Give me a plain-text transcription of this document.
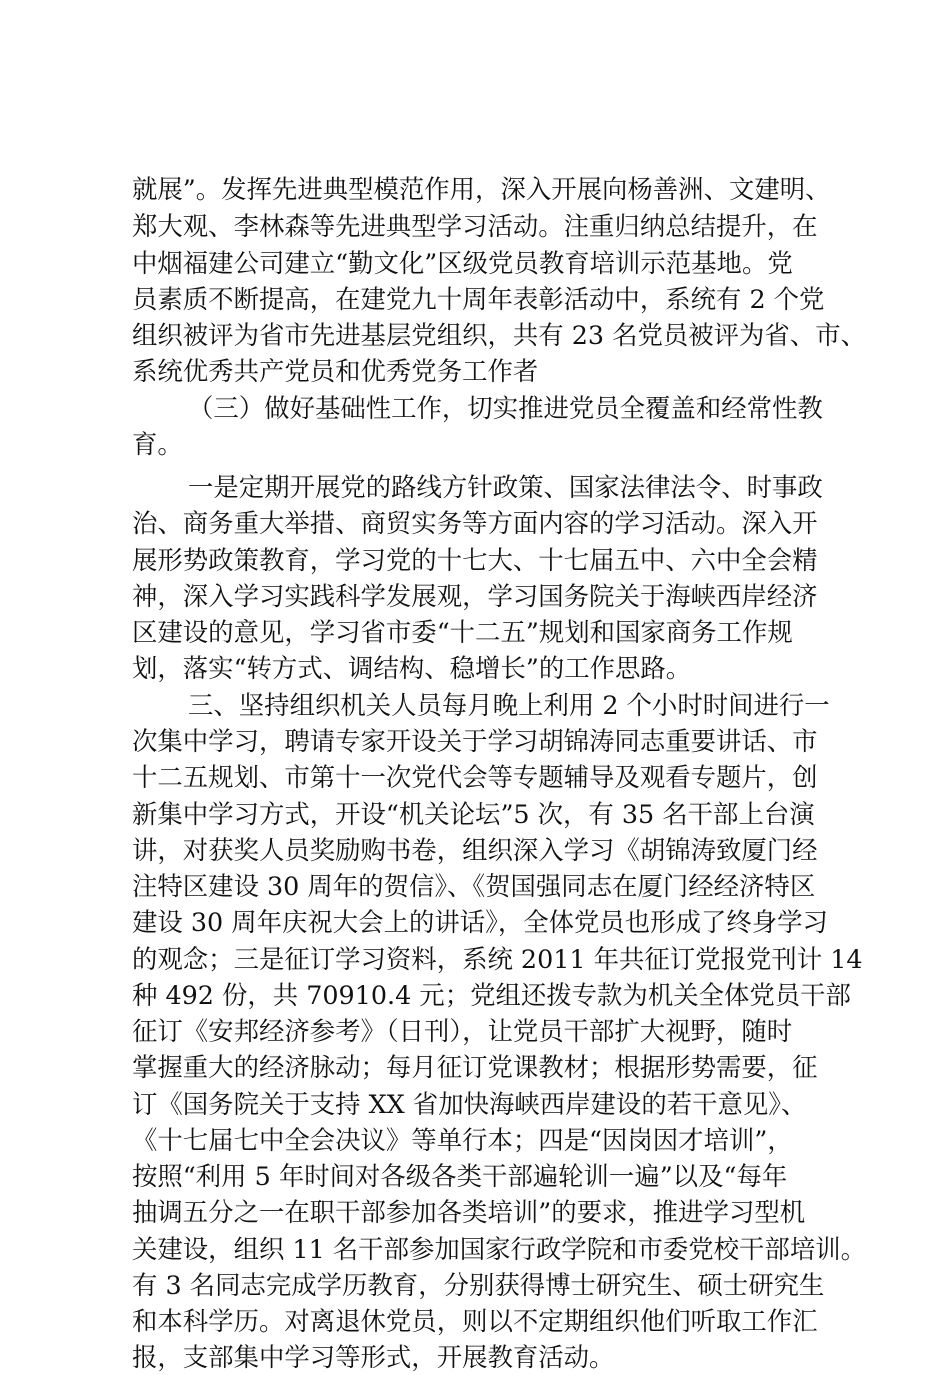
就展”。发挥先进典型模范作用，深入开展向杨善洲、文建明、
郑大观、李林森等先进典型学习活动。注重归纳总结提升，在
中烟福建公司建立“勤文化”区级党员教育培训示范基地。党
员素质不断提高，在建党九十周年表彰活动中，系统有 2 个党
组织被评为省市先进基层党组织，共有 23 名党员被评为省、市、
系统优秀共产党员和优秀党务工作者
（三）做好基础性工作，切实推进党员全覆盖和经常性教
育。
一是定期开展党的路线方针政策、国家法律法令、时事政
治、商务重大举措、商贸实务等方面内容的学习活动。深入开
展形势政策教育，学习党的十七大、十七届五中、六中全会精
神，深入学习实践科学发展观，学习国务院关于海峡西岸经济
区建设的意见，学习省市委“十二五”规划和国家商务工作规
划，落实“转方式、调结构、稳增长”的工作思路。
三、坚持组织机关人员每月晚上利用 2 个小时时间进行一
次集中学习，聘请专家开设关于学习胡锦涛同志重要讲话、市
十二五规划、市第十一次党代会等专题辅导及观看专题片，创
新集中学习方式，开设“机关论坛”5 次，有 35 名干部上台演
讲，对获奖人员奖励购书卷，组织深入学习《胡锦涛致厦门经
注特区建设 30 周年的贺信》、《贺国强同志在厦门经经济特区
建设 30 周年庆祝大会上的讲话》，全体党员也形成了终身学习
的观念；三是征订学习资料，系统 2011 年共征订党报党刊计 14
种 492 份，共 70910.4 元；党组还拨专款为机关全体党员干部
征订《安邦经济参考》（日刊），让党员干部扩大视野，随时
掌握重大的经济脉动；每月征订党课教材；根据形势需要，征
订《国务院关于支持 XX 省加快海峡西岸建设的若干意见》、
《十七届七中全会决议》等单行本；四是“因岗因才培训”，
按照“利用 5 年时间对各级各类干部遍轮训一遍”以及“每年
抽调五分之一在职干部参加各类培训”的要求，推进学习型机
关建设，组织 11 名干部参加国家行政学院和市委党校干部培训。
有 3 名同志完成学历教育，分别获得博士研究生、硕士研究生
和本科学历。对离退休党员，则以不定期组织他们听取工作汇
报，支部集中学习等形式，开展教育活动。
